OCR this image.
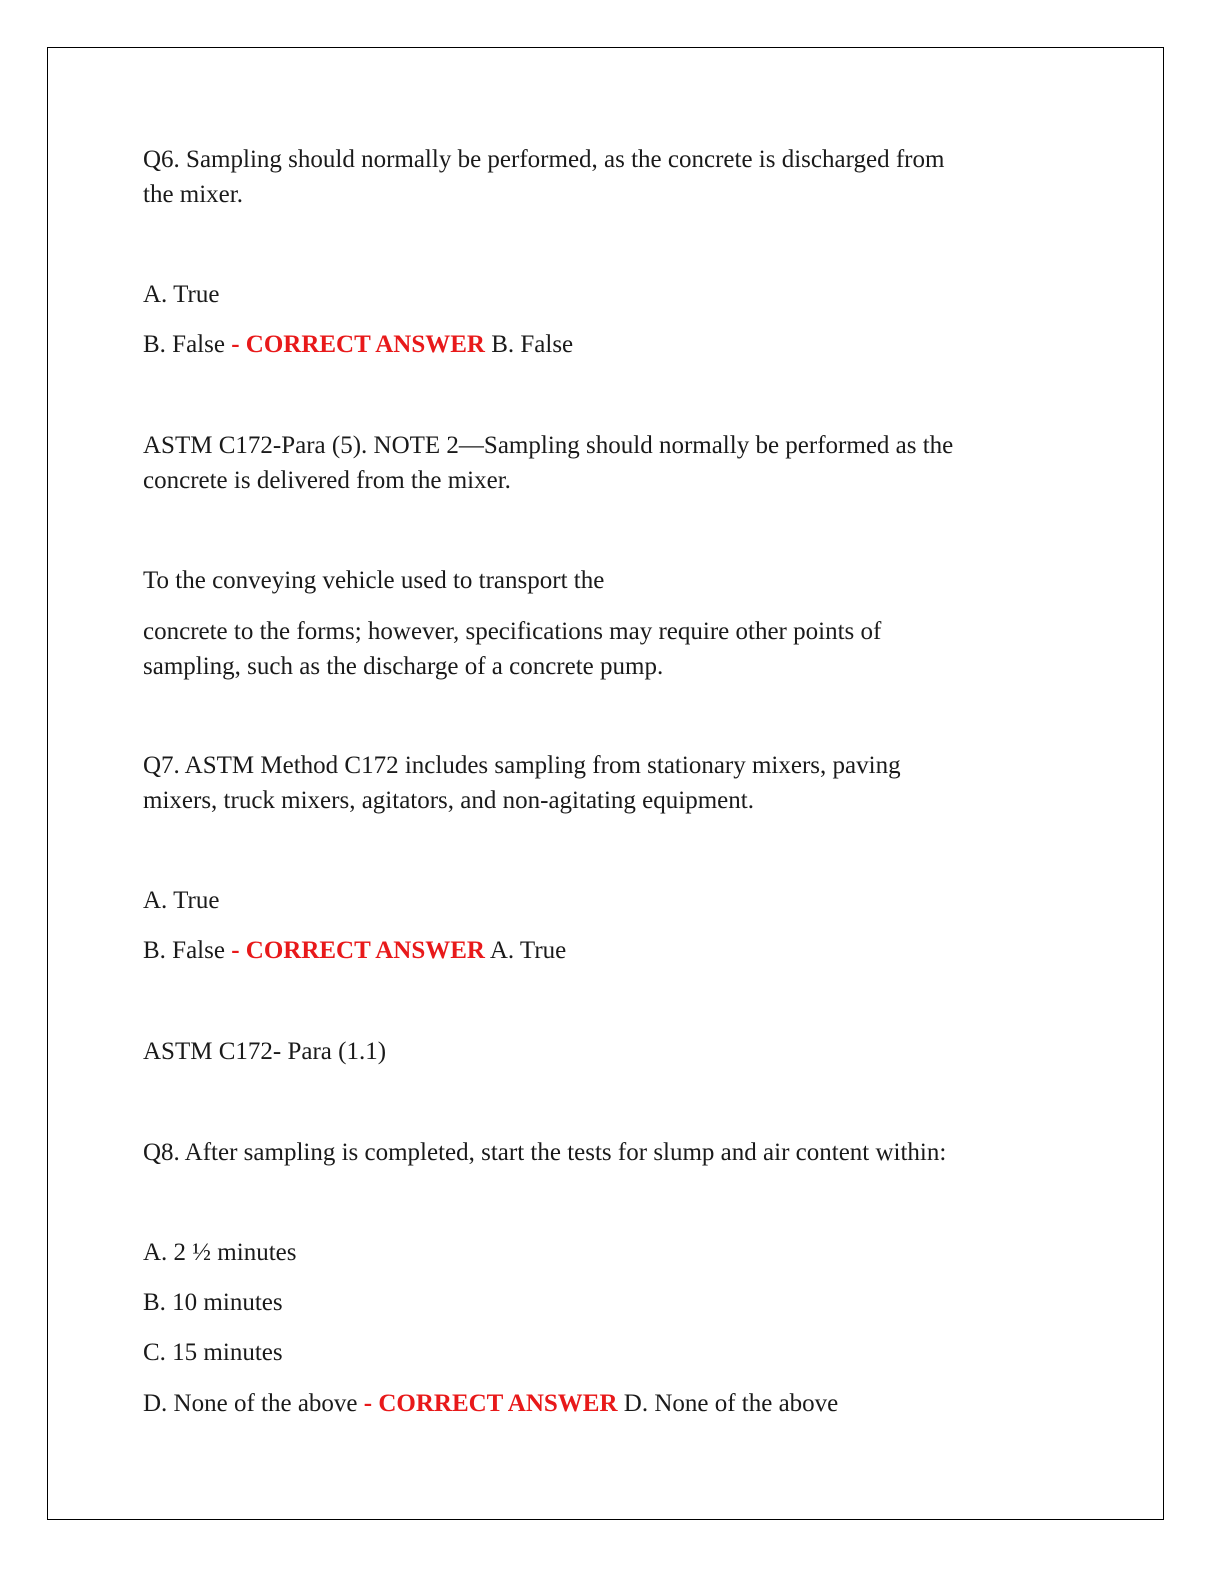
Q6. Sampling should normally be performed, as the concrete is discharged from

the mixer.

A. True

B. False - CORRECT ANSWER B. False

ASTM C172-Para (5). NOTE 2—Sampling should normally be performed as the

concrete is delivered from the mixer.

To the conveying vehicle used to transport the

concrete to the forms; however, specifications may require other points of

sampling, such as the discharge of a concrete pump.

Q7. ASTM Method C172 includes sampling from stationary mixers, paving

mixers, truck mixers, agitators, and non-agitating equipment.

A. True

B. False - CORRECT ANSWER A. True

ASTM C172- Para (1.1)

Q8. After sampling is completed, start the tests for slump and air content within:

A. 2 ½ minutes

B. 10 minutes

C. 15 minutes

D. None of the above - CORRECT ANSWER D. None of the above
